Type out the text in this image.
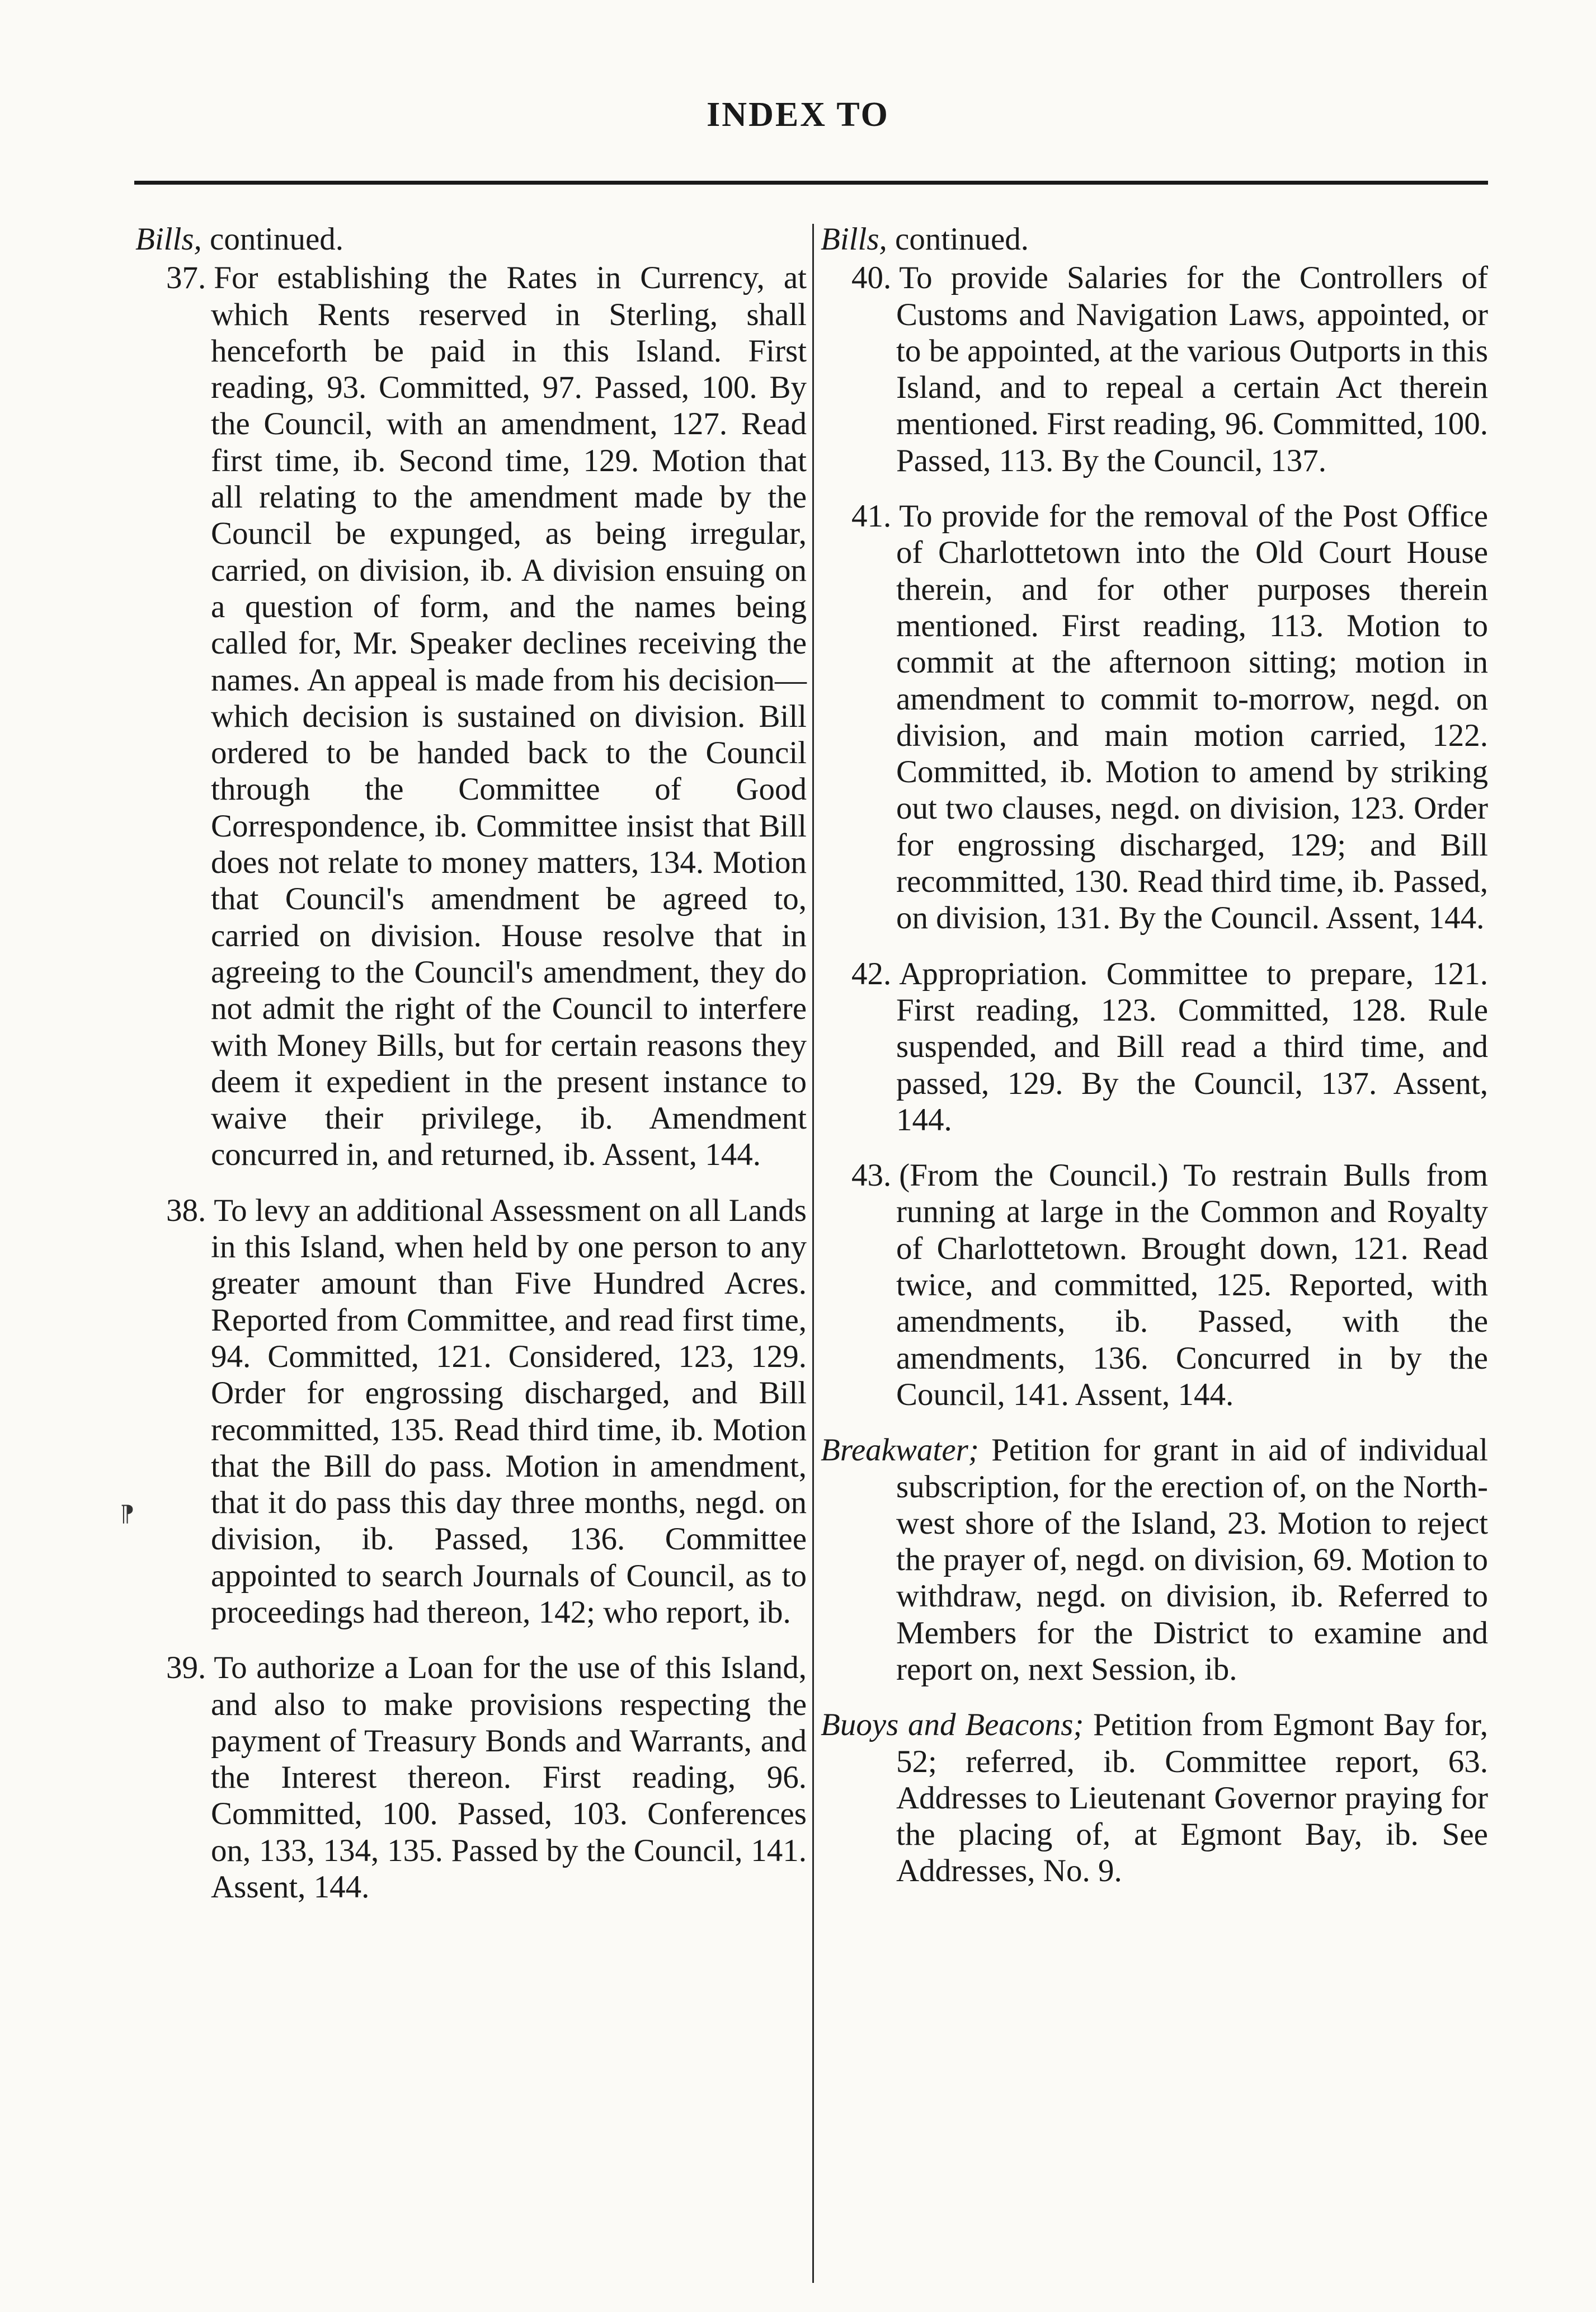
INDEX TO

Bills, continued.

37. For establishing the Rates in Currency, at which Rents reserved in Sterling, shall henceforth be paid in this Island. First reading, 93. Committed, 97. Passed, 100. By the Council, with an amendment, 127. Read first time, ib. Second time, 129. Motion that all relating to the amendment made by the Council be expunged, as being irregular, carried, on division, ib. A division ensuing on a question of form, and the names being called for, Mr. Speaker declines receiving the names. An appeal is made from his decision—which decision is sustained on division. Bill ordered to be handed back to the Council through the Committee of Good Correspondence, ib. Committee insist that Bill does not relate to money matters, 134. Motion that Council's amendment be agreed to, carried on division. House resolve that in agreeing to the Council's amendment, they do not admit the right of the Council to interfere with Money Bills, but for certain reasons they deem it expedient in the present instance to waive their privilege, ib. Amendment concurred in, and returned, ib. Assent, 144.

38. To levy an additional Assessment on all Lands in this Island, when held by one person to any greater amount than Five Hundred Acres. Reported from Committee, and read first time, 94. Committed, 121. Considered, 123, 129. Order for engrossing discharged, and Bill recommitted, 135. Read third time, ib. Motion that the Bill do pass. Motion in amendment, that it do pass this day three months, negd. on division, ib. Passed, 136. Committee appointed to search Journals of Council, as to proceedings had thereon, 142; who report, ib.

39. To authorize a Loan for the use of this Island, and also to make provisions respecting the payment of Treasury Bonds and Warrants, and the Interest thereon. First reading, 96. Committed, 100. Passed, 103. Conferences on, 133, 134, 135. Passed by the Council, 141. Assent, 144.

Bills, continued.

40. To provide Salaries for the Controllers of Customs and Navigation Laws, appointed, or to be appointed, at the various Outports in this Island, and to repeal a certain Act therein mentioned. First reading, 96. Committed, 100. Passed, 113. By the Council, 137.

41. To provide for the removal of the Post Office of Charlottetown into the Old Court House therein, and for other purposes therein mentioned. First reading, 113. Motion to commit at the afternoon sitting; motion in amendment to commit to-morrow, negd. on division, and main motion carried, 122. Committed, ib. Motion to amend by striking out two clauses, negd. on division, 123. Order for engrossing discharged, 129; and Bill recommitted, 130. Read third time, ib. Passed, on division, 131. By the Council. Assent, 144.

42. Appropriation. Committee to prepare, 121. First reading, 123. Committed, 128. Rule suspended, and Bill read a third time, and passed, 129. By the Council, 137. Assent, 144.

43. (From the Council.) To restrain Bulls from running at large in the Common and Royalty of Charlottetown. Brought down, 121. Read twice, and committed, 125. Reported, with amendments, ib. Passed, with the amendments, 136. Concurred in by the Council, 141. Assent, 144.

Breakwater; Petition for grant in aid of individual subscription, for the erection of, on the North-west shore of the Island, 23. Motion to reject the prayer of, negd. on division, 69. Motion to withdraw, negd. on division, ib. Referred to Members for the District to examine and report on, next Session, ib.

Buoys and Beacons; Petition from Egmont Bay for, 52; referred, ib. Committee report, 63. Addresses to Lieutenant Governor praying for the placing of, at Egmont Bay, ib. See Addresses, No. 9.

⁋
